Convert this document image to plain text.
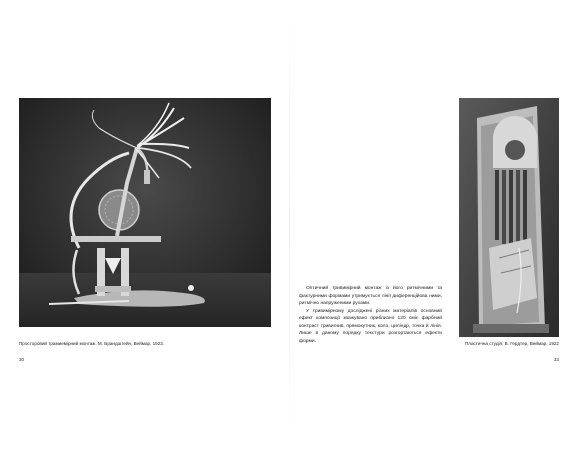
Просторовий трамиемірний монтаж. М. Брандштейн, Веймар, 1923.
30

Оптичний тривимірний монтаж із його ритмічними та фактурними формами утримується лінії диференційова ними, ритмічно напруженими рухами.

У тривимірному досліджені різних матеріалів основний ефект композиції зважувано приблизно 120 сміє фарбний контраст тривигнив, прямокутник, коло, циліндр, точка й лінія. Лише в даному порядку текстури розгортаються ефекти форми.	Пластична студія, В. Гердтер, Веймар, 1922
33
